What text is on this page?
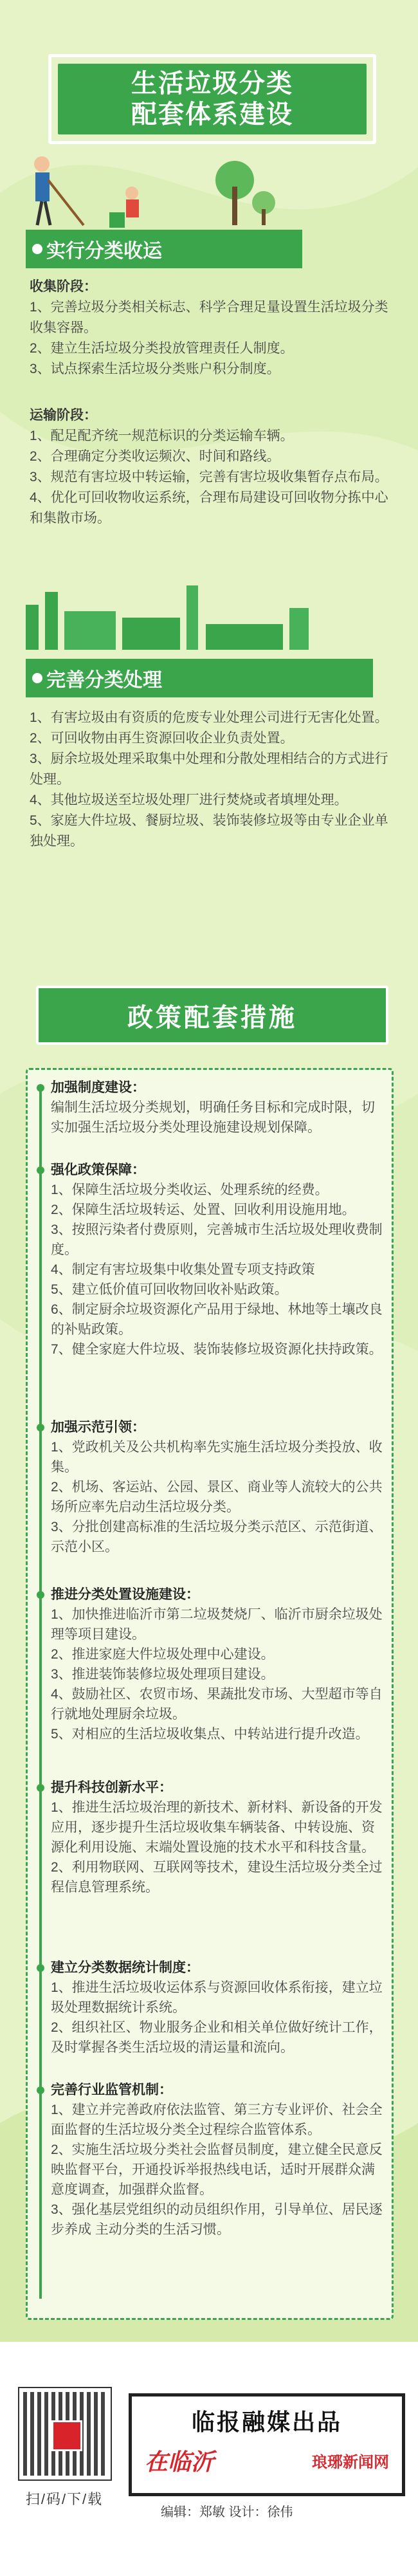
生活垃圾分类
配套体系建设
实行分类收运
收集阶段：
1、完善垃圾分类相关标志、科学合理足量设置生活垃圾分类收集容器。
2、建立生活垃圾分类投放管理责任人制度。
3、试点探索生活垃圾分类账户积分制度。
运输阶段：
1、配足配齐统一规范标识的分类运输车辆。
2、合理确定分类收运频次、时间和路线。
3、规范有害垃圾中转运输，完善有害垃圾收集暂存点布局。
4、优化可回收物收运系统，合理布局建设可回收物分拣中心和集散市场。
完善分类处理
1、有害垃圾由有资质的危废专业处理公司进行无害化处置。
2、可回收物由再生资源回收企业负责处置。
3、厨余垃圾处理采取集中处理和分散处理相结合的方式进行处理。
4、其他垃圾送至垃圾处理厂进行焚烧或者填埋处理。
5、家庭大件垃圾、餐厨垃圾、装饰装修垃圾等由专业企业单独处理。
政策配套措施
加强制度建设：
编制生活垃圾分类规划，明确任务目标和完成时限，切实加强生活垃圾分类处理设施建设规划保障。
强化政策保障：
1、保障生活垃圾分类收运、处理系统的经费。
2、保障生活垃圾转运、处置、回收利用设施用地。
3、按照污染者付费原则，完善城市生活垃圾处理收费制度。
4、制定有害垃圾集中收集处置专项支持政策
5、建立低价值可回收物回收补贴政策。
6、制定厨余垃圾资源化产品用于绿地、林地等土壤改良的补贴政策。
7、健全家庭大件垃圾、装饰装修垃圾资源化扶持政策。
加强示范引领：
1、党政机关及公共机构率先实施生活垃圾分类投放、收集。
2、机场、客运站、公园、景区、商业等人流较大的公共场所应率先启动生活垃圾分类。
3、分批创建高标准的生活垃圾分类示范区、示范街道、示范小区。
推进分类处置设施建设：
1、加快推进临沂市第二垃圾焚烧厂、临沂市厨余垃圾处理等项目建设。
2、推进家庭大件垃圾处理中心建设。
3、推进装饰装修垃圾处理项目建设。
4、鼓励社区、农贸市场、果蔬批发市场、大型超市等自行就地处理厨余垃圾。
5、对相应的生活垃圾收集点、中转站进行提升改造。
提升科技创新水平：
1、推进生活垃圾治理的新技术、新材料、新设备的开发应用，逐步提升生活垃圾收集车辆装备、中转设施、资源化利用设施、末端处置设施的技术水平和科技含量。
2、利用物联网、互联网等技术，建设生活垃圾分类全过程信息管理系统。
建立分类数据统计制度：
1、推进生活垃圾收运体系与资源回收体系衔接，建立垃圾处理数据统计系统。
2、组织社区、物业服务企业和相关单位做好统计工作，及时掌握各类生活垃圾的清运量和流向。
完善行业监管机制：
1、建立并完善政府依法监管、第三方专业评价、社会全面监督的生活垃圾分类全过程综合监管体系。
2、实施生活垃圾分类社会监督员制度，建立健全民意反映监督平台，开通投诉举报热线电话，适时开展群众满意度调查，加强群众监督。
3、强化基层党组织的动员组织作用，引导单位、居民逐步养成 主动分类的生活习惯。
扫/码/下/载
临报融媒出品
在临沂	琅琊新闻网
编辑：郑敏 设计：徐伟
